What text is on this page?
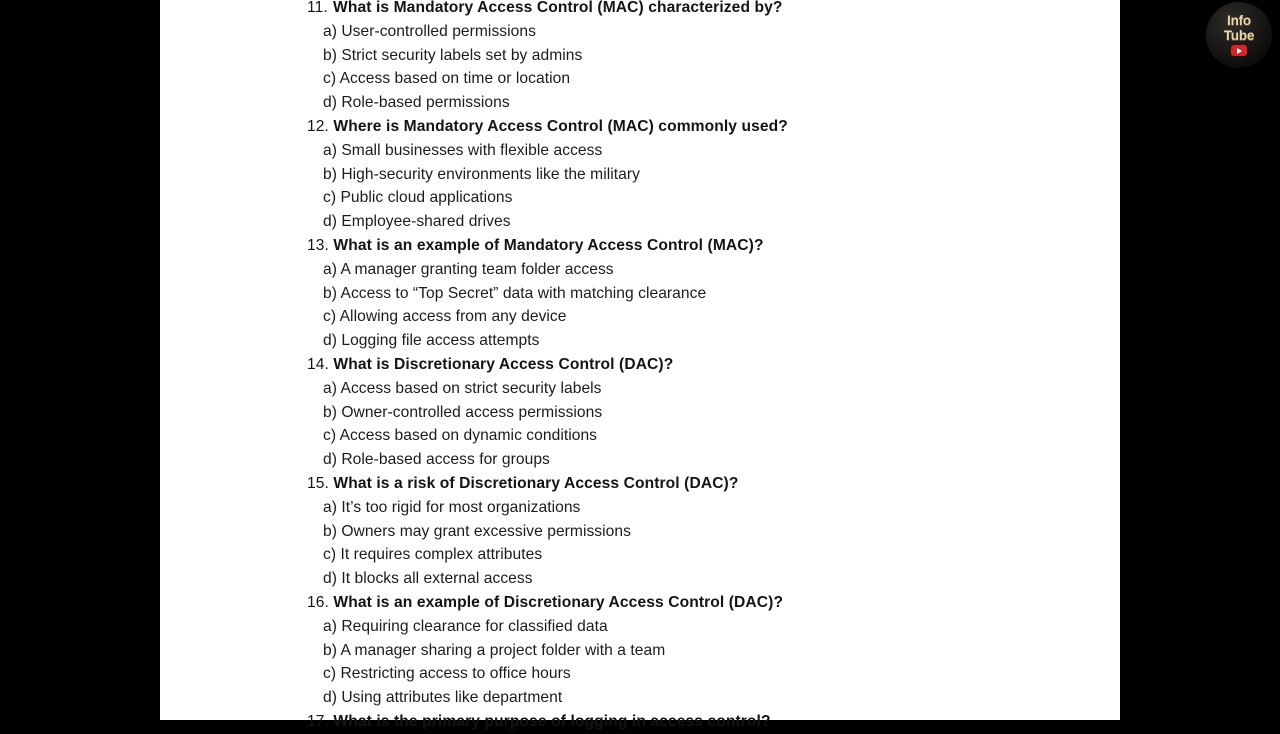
11. What is Mandatory Access Control (MAC) characterized by?
a) User-controlled permissions
b) Strict security labels set by admins
c) Access based on time or location
d) Role-based permissions
12. Where is Mandatory Access Control (MAC) commonly used?
a) Small businesses with flexible access
b) High-security environments like the military
c) Public cloud applications
d) Employee-shared drives
13. What is an example of Mandatory Access Control (MAC)?
a) A manager granting team folder access
b) Access to “Top Secret” data with matching clearance
c) Allowing access from any device
d) Logging file access attempts
14. What is Discretionary Access Control (DAC)?
a) Access based on strict security labels
b) Owner-controlled access permissions
c) Access based on dynamic conditions
d) Role-based access for groups
15. What is a risk of Discretionary Access Control (DAC)?
a) It’s too rigid for most organizations
b) Owners may grant excessive permissions
c) It requires complex attributes
d) It blocks all external access
16. What is an example of Discretionary Access Control (DAC)?
a) Requiring clearance for classified data
b) A manager sharing a project folder with a team
c) Restricting access to office hours
d) Using attributes like department
17. What is the primary purpose of logging in access control?
Info
Tube
